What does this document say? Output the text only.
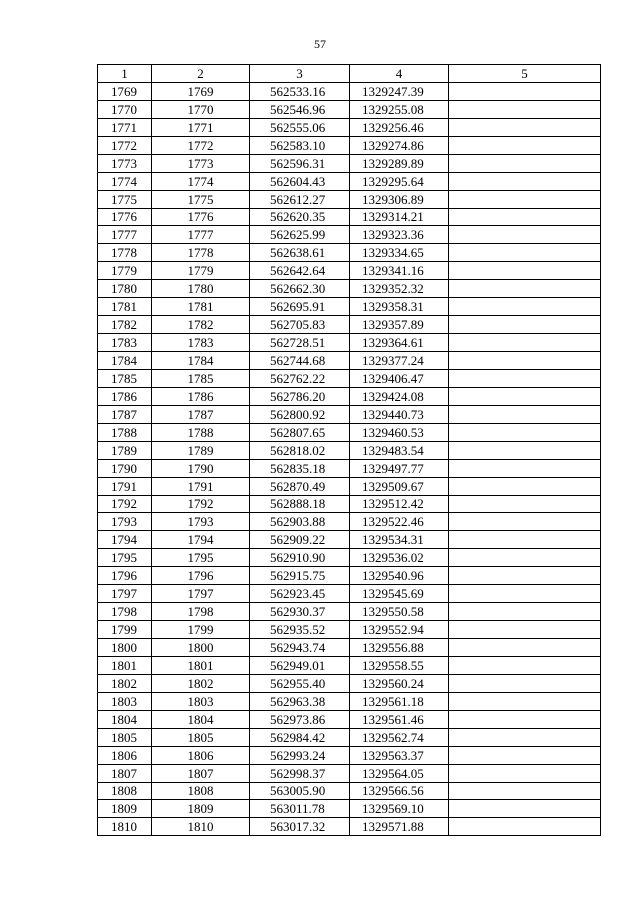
57
1	2	3	4	5
1769	1769	562533.16	1329247.39	
1770	1770	562546.96	1329255.08	
1771	1771	562555.06	1329256.46	
1772	1772	562583.10	1329274.86	
1773	1773	562596.31	1329289.89	
1774	1774	562604.43	1329295.64	
1775	1775	562612.27	1329306.89	
1776	1776	562620.35	1329314.21	
1777	1777	562625.99	1329323.36	
1778	1778	562638.61	1329334.65	
1779	1779	562642.64	1329341.16	
1780	1780	562662.30	1329352.32	
1781	1781	562695.91	1329358.31	
1782	1782	562705.83	1329357.89	
1783	1783	562728.51	1329364.61	
1784	1784	562744.68	1329377.24	
1785	1785	562762.22	1329406.47	
1786	1786	562786.20	1329424.08	
1787	1787	562800.92	1329440.73	
1788	1788	562807.65	1329460.53	
1789	1789	562818.02	1329483.54	
1790	1790	562835.18	1329497.77	
1791	1791	562870.49	1329509.67	
1792	1792	562888.18	1329512.42	
1793	1793	562903.88	1329522.46	
1794	1794	562909.22	1329534.31	
1795	1795	562910.90	1329536.02	
1796	1796	562915.75	1329540.96	
1797	1797	562923.45	1329545.69	
1798	1798	562930.37	1329550.58	
1799	1799	562935.52	1329552.94	
1800	1800	562943.74	1329556.88	
1801	1801	562949.01	1329558.55	
1802	1802	562955.40	1329560.24	
1803	1803	562963.38	1329561.18	
1804	1804	562973.86	1329561.46	
1805	1805	562984.42	1329562.74	
1806	1806	562993.24	1329563.37	
1807	1807	562998.37	1329564.05	
1808	1808	563005.90	1329566.56	
1809	1809	563011.78	1329569.10	
1810	1810	563017.32	1329571.88	
